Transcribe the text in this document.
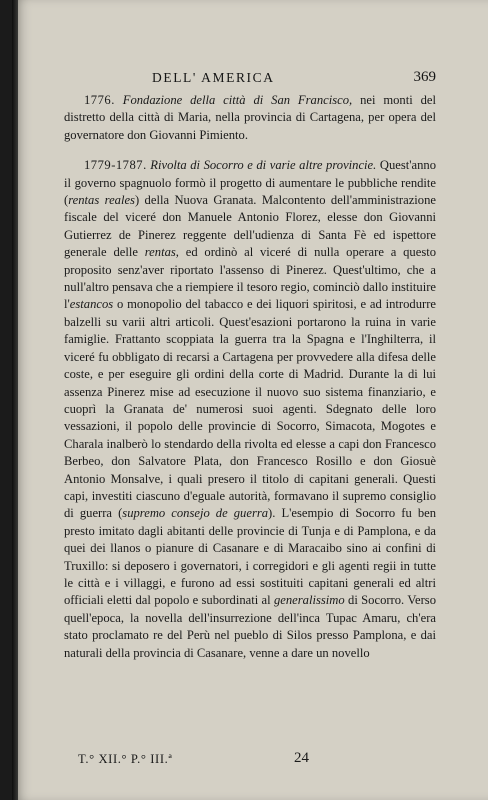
DELL' AMERICA	369

1776. Fondazione della città di San Francisco, nei monti del distretto della città di Maria, nella provincia di Cartagena, per opera del governatore don Giovanni Pimiento.

1779-1787. Rivolta di Socorro e di varie altre provincie. Quest'anno il governo spagnuolo formò il progetto di aumentare le pubbliche rendite (rentas reales) della Nuova Granata. Malcontento dell'amministrazione fiscale del viceré don Manuele Antonio Florez, elesse don Giovanni Gutierrez de Pinerez reggente dell'udienza di Santa Fè ed ispettore generale delle rentas, ed ordinò al viceré di nulla operare a questo proposito senz'aver riportato l'assenso di Pinerez. Quest'ultimo, che a null'altro pensava che a riempiere il tesoro regio, cominciò dallo instituire l'estancos o monopolio del tabacco e dei liquori spiritosi, e ad introdurre balzelli su varii altri articoli. Quest'esazioni portarono la ruina in varie famiglie. Frattanto scoppiata la guerra tra la Spagna e l'Inghilterra, il viceré fu obbligato di recarsi a Cartagena per provvedere alla difesa delle coste, e per eseguire gli ordini della corte di Madrid. Durante la di lui assenza Pinerez mise ad esecuzione il nuovo suo sistema finanziario, e cuoprì la Granata de' numerosi suoi agenti. Sdegnato delle loro vessazioni, il popolo delle provincie di Socorro, Simacota, Mogotes e Charala inalberò lo stendardo della rivolta ed elesse a capi don Francesco Berbeo, don Salvatore Plata, don Francesco Rosillo e don Giosuè Antonio Monsalve, i quali presero il titolo di capitani generali. Questi capi, investiti ciascuno d'eguale autorità, formavano il supremo consiglio di guerra (supremo consejo de guerra). L'esempio di Socorro fu ben presto imitato dagli abitanti delle provincie di Tunja e di Pamplona, e da quei dei llanos o pianure di Casanare e di Maracaibo sino ai confini di Truxillo: si deposero i governatori, i corregidori e gli agenti regii in tutte le città e i villaggi, e furono ad essi sostituiti capitani generali ed altri officiali eletti dal popolo e subordinati al generalissimo di Socorro. Verso quell'epoca, la novella dell'insurrezione dell'inca Tupac Amaru, ch'era stato proclamato re del Perù nel pueblo di Silos presso Pamplona, e dai naturali della provincia di Casanare, venne a dare un novello

T.° XII.° P.° III.ª	24
